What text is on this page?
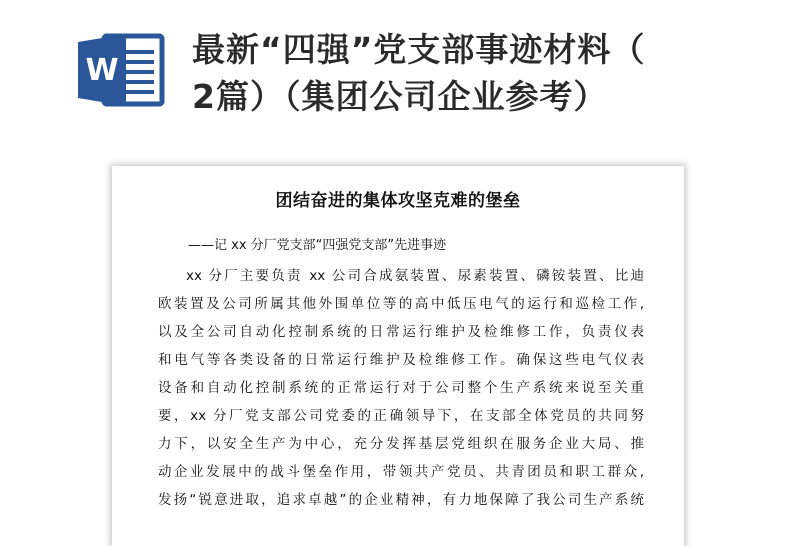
W
最新“四强”党支部事迹材料（
2篇）（集团公司企业参考）
团结奋进的集体攻坚克难的堡垒
——记 xx 分厂党支部“四强党支部”先进事迹
xx 分厂主要负责 xx 公司合成氨装置、尿素装置、磷铵装置、比迪
欧装置及公司所属其他外围单位等的高中低压电气的运行和巡检工作,
以及全公司自动化控制系统的日常运行维护及检维修工作，负责仪表
和电气等各类设备的日常运行维护及检维修工作。确保这些电气仪表
设备和自动化控制系统的正常运行对于公司整个生产系统来说至关重
要，xx 分厂党支部公司党委的正确领导下，在支部全体党员的共同努
力下，以安全生产为中心，充分发挥基层党组织在服务企业大局、推
动企业发展中的战斗堡垒作用，带领共产党员、共青团员和职工群众,
发扬“锐意进取，追求卓越”的企业精神，有力地保障了我公司生产系统
